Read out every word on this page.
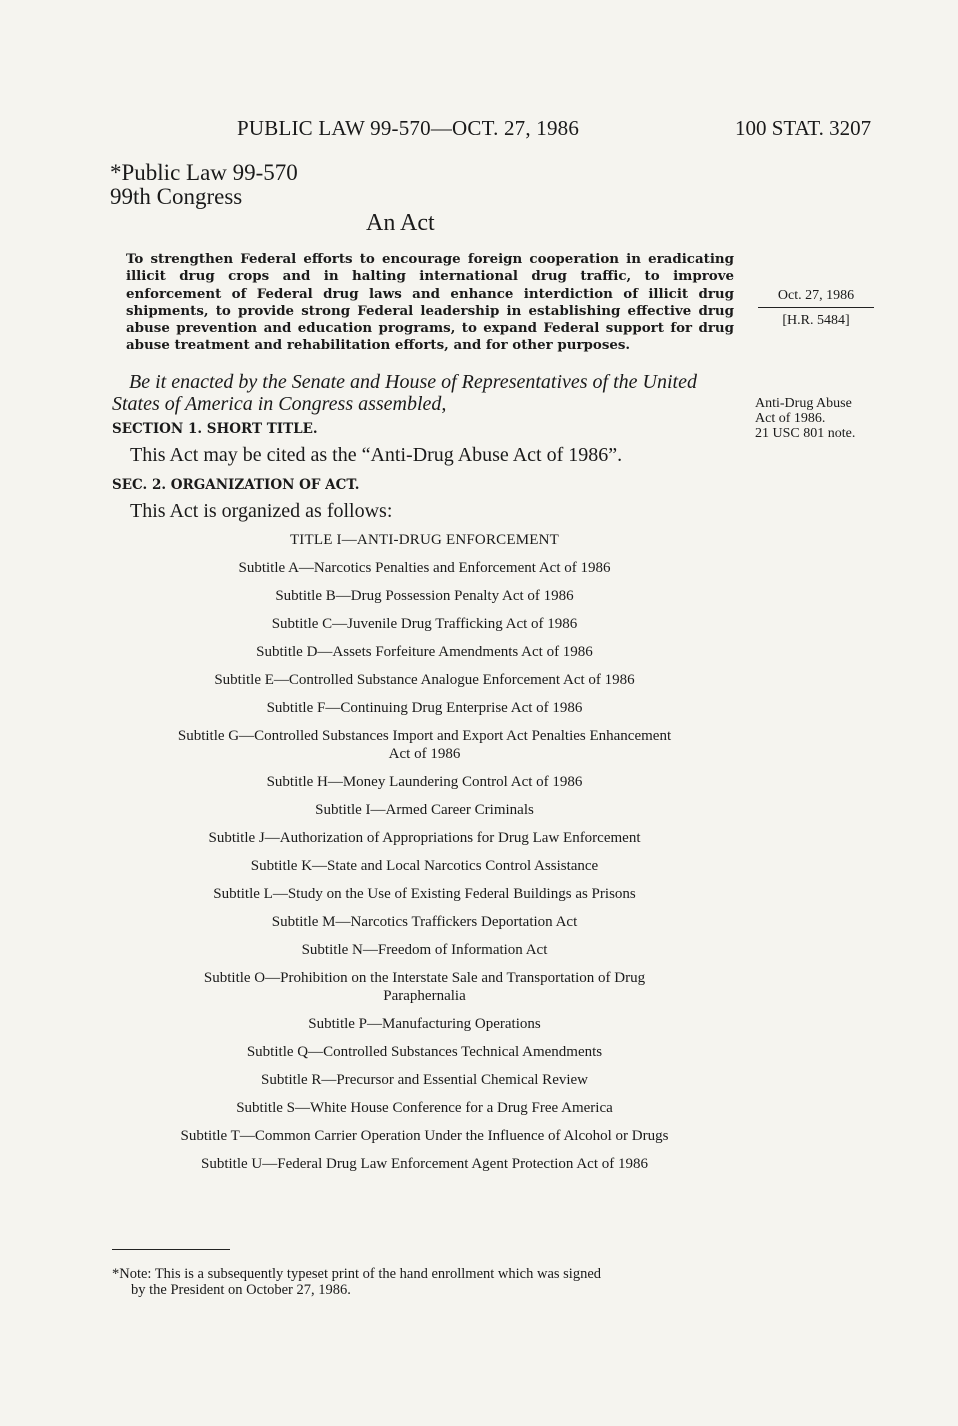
PUBLIC LAW 99-570—OCT. 27, 1986	100 STAT. 3207
*Public Law 99-570
99th Congress
An Act
To strengthen Federal efforts to encourage foreign cooperation in eradicating illicit drug crops and in halting international drug traffic, to improve enforcement of Federal drug laws and enhance interdiction of illicit drug shipments, to provide strong Federal leadership in establishing effective drug abuse prevention and education programs, to expand Federal support for drug abuse treatment and rehabilitation efforts, and for other purposes.
Oct. 27, 1986
[H.R. 5484]
Be it enacted by the Senate and House of Representatives of the United States of America in Congress assembled,	Anti-Drug Abuse
Act of 1986.
21 USC 801 note.
SECTION 1. SHORT TITLE.
This Act may be cited as the “Anti-Drug Abuse Act of 1986”.
SEC. 2. ORGANIZATION OF ACT.
This Act is organized as follows:
TITLE I—ANTI-DRUG ENFORCEMENT
Subtitle A—Narcotics Penalties and Enforcement Act of 1986
Subtitle B—Drug Possession Penalty Act of 1986
Subtitle C—Juvenile Drug Trafficking Act of 1986
Subtitle D—Assets Forfeiture Amendments Act of 1986
Subtitle E—Controlled Substance Analogue Enforcement Act of 1986
Subtitle F—Continuing Drug Enterprise Act of 1986
Subtitle G—Controlled Substances Import and Export Act Penalties Enhancement
Act of 1986
Subtitle H—Money Laundering Control Act of 1986
Subtitle I—Armed Career Criminals
Subtitle J—Authorization of Appropriations for Drug Law Enforcement
Subtitle K—State and Local Narcotics Control Assistance
Subtitle L—Study on the Use of Existing Federal Buildings as Prisons
Subtitle M—Narcotics Traffickers Deportation Act
Subtitle N—Freedom of Information Act
Subtitle O—Prohibition on the Interstate Sale and Transportation of Drug
Paraphernalia
Subtitle P—Manufacturing Operations
Subtitle Q—Controlled Substances Technical Amendments
Subtitle R—Precursor and Essential Chemical Review
Subtitle S—White House Conference for a Drug Free America
Subtitle T—Common Carrier Operation Under the Influence of Alcohol or Drugs
Subtitle U—Federal Drug Law Enforcement Agent Protection Act of 1986
*Note: This is a subsequently typeset print of the hand enrollment which was signed
by the President on October 27, 1986.
